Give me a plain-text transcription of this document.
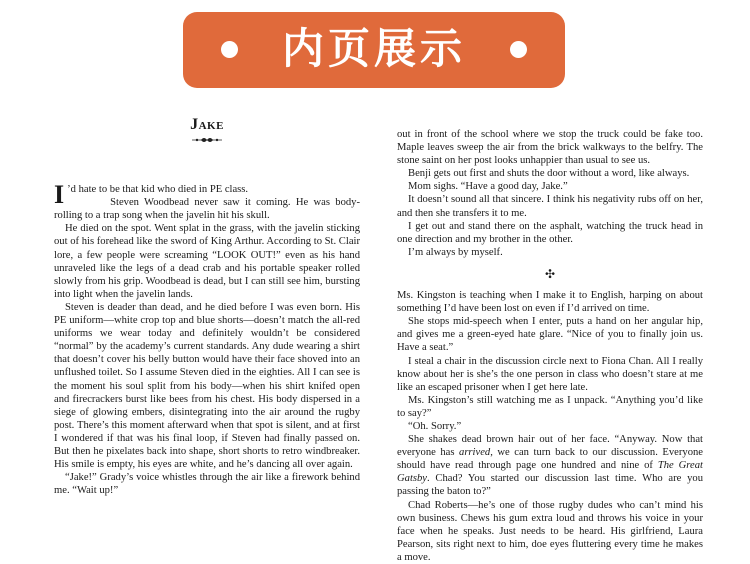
内页展示
Jake

I ’d hate to be that kid who died in PE class.

Steven Woodbead never saw it coming. He was body-rolling to a trap song when the javelin hit his skull.

He died on the spot. Went splat in the grass, with the javelin sticking out of his forehead like the sword of King Arthur. According to St. Clair lore, a few people were screaming “LOOK OUT!” even as his hand unraveled like the legs of a dead crab and his portable speaker rolled slowly from his grip. Woodbead is dead, but I can still see him, bursting into light when the javelin lands.

Steven is deader than dead, and he died before I was even born. His PE uniform—white crop top and blue shorts—doesn’t match the all-red uniforms we wear today and definitely wouldn’t be considered “normal” by the academy’s current standards. Any dude wearing a shirt that doesn’t cover his belly button would have their face shoved into an unflushed toilet. So I assume Steven died in the eighties. All I can see is the moment his soul split from his body—when his shirt knifed open and firecrackers burst like bees from his chest. His body dispersed in a siege of glowing embers, disintegrating into the air around the rugby post. There’s this moment afterward when that spot is silent, and at first I wondered if that was his final loop, if Steven had finally passed on. But then he pixelates back into shape, short shorts to retro windbreaker. His smile is empty, his eyes are white, and he’s dancing all over again.

“Jake!” Grady’s voice whistles through the air like a firework behind me. “Wait up!”

out in front of the school where we stop the truck could be fake too. Maple leaves sweep the air from the brick walkways to the belfry. The stone saint on her post looks unhappier than usual to see us.

Benji gets out first and shuts the door without a word, like always.

Mom sighs. “Have a good day, Jake.”

It doesn’t sound all that sincere. I think his negativity rubs off on her, and then she transfers it to me.

I get out and stand there on the asphalt, watching the truck head in one direction and my brother in the other.

I’m always by myself.

✣

Ms. Kingston is teaching when I make it to English, harping on about something I’d have been lost on even if I’d arrived on time.

She stops mid-speech when I enter, puts a hand on her angular hip, and gives me a green-eyed hate glare. “Nice of you to finally join us. Have a seat.”

I steal a chair in the discussion circle next to Fiona Chan. All I really know about her is she’s the one person in class who doesn’t stare at me like an escaped prisoner when I get here late.

Ms. Kingston’s still watching me as I unpack. “Anything you’d like to say?”

“Oh. Sorry.”

She shakes dead brown hair out of her face. “Anyway. Now that everyone has arrived, we can turn back to our discussion. Everyone should have read through page one hundred and nine of The Great Gatsby. Chad? You started our discussion last time. Who are you passing the baton to?”

Chad Roberts—he’s one of those rugby dudes who can’t mind his own business. Chews his gum extra loud and throws his voice in your face when he speaks. Just needs to be heard. His girlfriend, Laura Pearson, sits right next to him, doe eyes fluttering every time he makes a move.
